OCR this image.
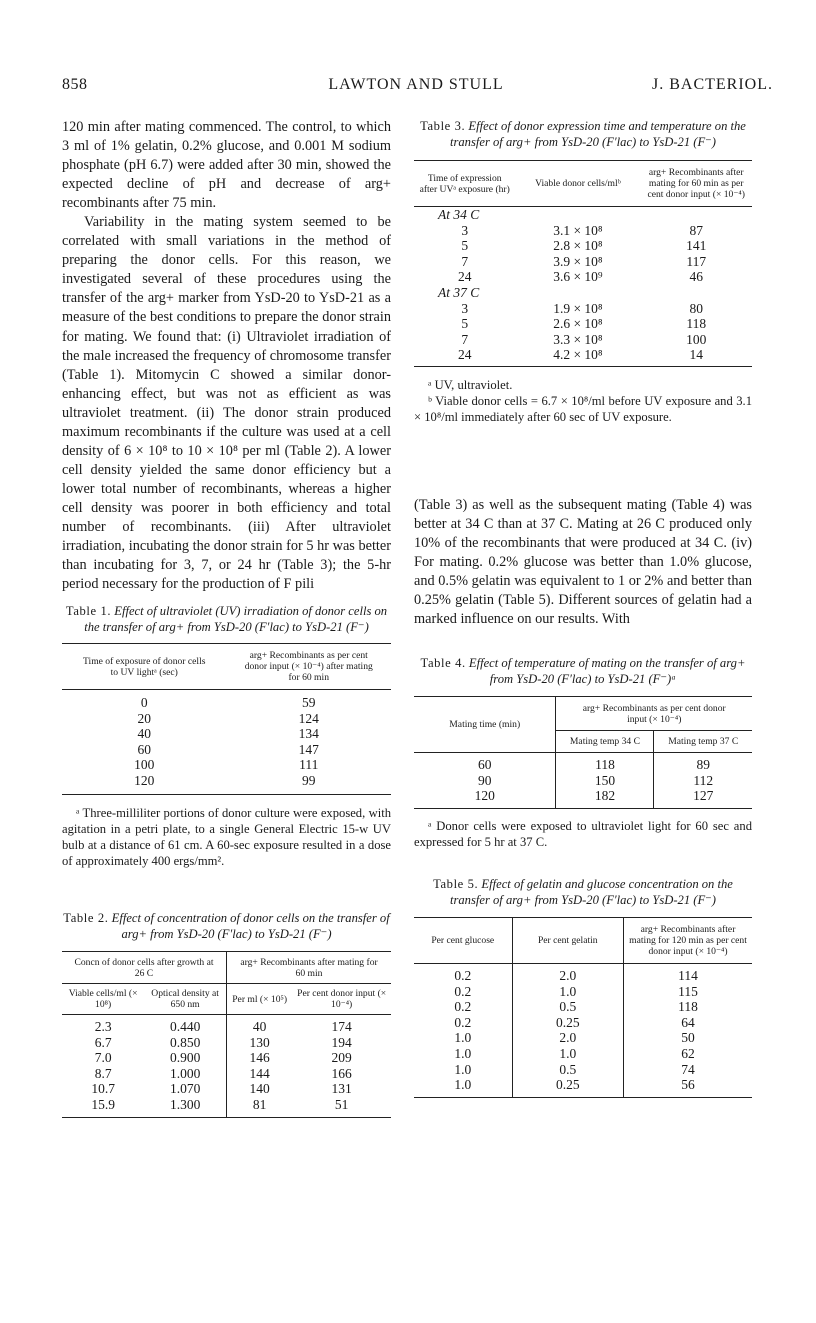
858	LAWTON AND STULL	J. BACTERIOL.

120 min after mating commenced. The control, to which 3 ml of 1% gelatin, 0.2% glucose, and 0.001 M sodium phosphate (pH 6.7) were added after 30 min, showed the expected decline of pH and decrease of arg+ recombinants after 75 min.

Variability in the mating system seemed to be correlated with small variations in the method of preparing the donor cells. For this reason, we investigated several of these procedures using the transfer of the arg+ marker from YsD-20 to YsD-21 as a measure of the best conditions to prepare the donor strain for mating. We found that: (i) Ultraviolet irradiation of the male increased the frequency of chromosome transfer (Table 1). Mitomycin C showed a similar donor-enhancing effect, but was not as efficient as was ultraviolet treatment. (ii) The donor strain produced maximum recombinants if the culture was used at a cell density of 6 × 10⁸ to 10 × 10⁸ per ml (Table 2). A lower cell density yielded the same donor efficiency but a lower total number of recombinants, whereas a higher cell density was poorer in both efficiency and total number of recombinants. (iii) After ultraviolet irradiation, incubating the donor strain for 5 hr was better than incubating for 3, 7, or 24 hr (Table 3); the 5-hr period necessary for the production of F pili

Table 1. Effect of ultraviolet (UV) irradiation of donor cells on the transfer of arg+ from YsD-20 (F′lac) to YsD-21 (F⁻)
Time of exposure of donor cells to UV lightᵃ (sec)	arg+ Recombinants as per cent donor input (× 10⁻⁴) after mating for 60 min
0	59
20	124
40	134
60	147
100	111
120	99
ᵃ Three-milliliter portions of donor culture were exposed, with agitation in a petri plate, to a single General Electric 15-w UV bulb at a distance of 61 cm. A 60-sec exposure resulted in a dose of approximately 400 ergs/mm².
Table 2. Effect of concentration of donor cells on the transfer of arg+ from YsD-20 (F′lac) to YsD-21 (F⁻)
Concn of donor cells after growth at 26 C		arg+ Recombinants after mating for 60 min	
Viable cells/ml (× 10⁸)	Optical density at 650 nm	Per ml (× 10⁵)	Per cent donor input (× 10⁻⁴)
2.3	0.440	40	174
6.7	0.850	130	194
7.0	0.900	146	209
8.7	1.000	144	166
10.7	1.070	140	131
15.9	1.300	81	51
Table 3. Effect of donor expression time and temperature on the transfer of arg+ from YsD-20 (F′lac) to YsD-21 (F⁻)
Time of expression after UVᵃ exposure (hr)	Viable donor cells/mlᵇ	arg+ Recombinants after mating for 60 min as per cent donor input (× 10⁻⁴)
At 34 C		
3	3.1 × 10⁸	87
5	2.8 × 10⁸	141
7	3.9 × 10⁸	117
24	3.6 × 10⁹	46
At 37 C		
3	1.9 × 10⁸	80
5	2.6 × 10⁸	118
7	3.3 × 10⁸	100
24	4.2 × 10⁸	14

ᵃ UV, ultraviolet.

ᵇ Viable donor cells = 6.7 × 10⁸/ml before UV exposure and 3.1 × 10⁸/ml immediately after 60 sec of UV exposure.

(Table 3) as well as the subsequent mating (Table 4) was better at 34 C than at 37 C. Mating at 26 C produced only 10% of the recombinants that were produced at 34 C. (iv) For mating. 0.2% glucose was better than 1.0% glucose, and 0.5% gelatin was equivalent to 1 or 2% and better than 0.25% gelatin (Table 5). Different sources of gelatin had a marked influence on our results. With

Table 4. Effect of temperature of mating on the transfer of arg+ from YsD-20 (F′lac) to YsD-21 (F⁻)ᵃ
Mating time (min)	arg+ Recombinants as per cent donor input (× 10⁻⁴)	
	Mating temp 34 C	Mating temp 37 C
60	118	89
90	150	112
120	182	127
ᵃ Donor cells were exposed to ultraviolet light for 60 sec and expressed for 5 hr at 37 C.
Table 5. Effect of gelatin and glucose concentration on the transfer of arg+ from YsD-20 (F′lac) to YsD-21 (F⁻)
Per cent glucose	Per cent gelatin	arg+ Recombinants after mating for 120 min as per cent donor input (× 10⁻⁴)
0.2	2.0	114
0.2	1.0	115
0.2	0.5	118
0.2	0.25	64
1.0	2.0	50
1.0	1.0	62
1.0	0.5	74
1.0	0.25	56
